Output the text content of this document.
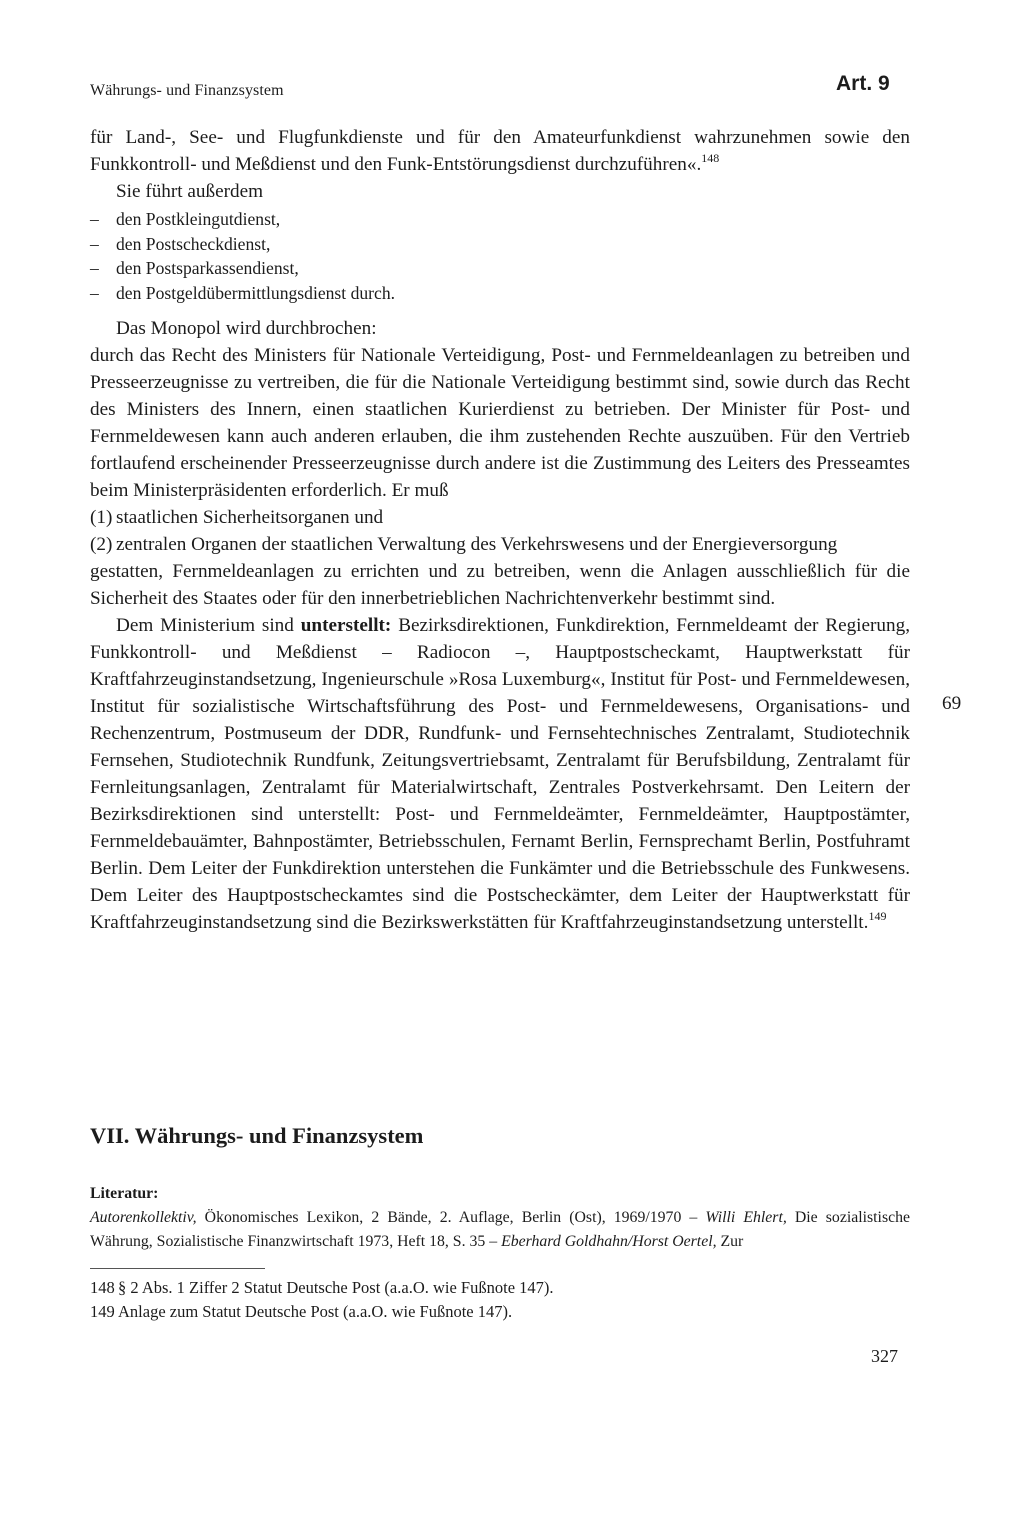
Währungs- und Finanzsystem	Art. 9

für Land-, See- und Flugfunkdienste und für den Amateurfunkdienst wahrzunehmen sowie den Funkkontroll- und Meßdienst und den Funk-Entstörungsdienst durchzuführen«.$^{148}$

Sie führt außerdem

– den Postkleingutdienst,
– den Postscheckdienst,
– den Postsparkassendienst,
– den Postgeldübermittlungsdienst durch.

Das Monopol wird durchbrochen:

durch das Recht des Ministers für Nationale Verteidigung, Post- und Fernmeldeanlagen zu betreiben und Presseerzeugnisse zu vertreiben, die für die Nationale Verteidigung bestimmt sind, sowie durch das Recht des Ministers des Innern, einen staatlichen Kurierdienst zu betrieben. Der Minister für Post- und Fernmeldewesen kann auch anderen erlauben, die ihm zustehenden Rechte auszuüben. Für den Vertrieb fortlaufend erscheinender Presseerzeugnisse durch andere ist die Zustimmung des Leiters des Presseamtes beim Ministerpräsidenten erforderlich. Er muß

(1) staatlichen Sicherheitsorganen und
(2) zentralen Organen der staatlichen Verwaltung des Verkehrswesens und der Energieversorgung

gestatten, Fernmeldeanlagen zu errichten und zu betreiben, wenn die Anlagen ausschließlich für die Sicherheit des Staates oder für den innerbetrieblichen Nachrichtenverkehr bestimmt sind.

Dem Ministerium sind unterstellt: Bezirksdirektionen, Funkdirektion, Fernmeldeamt der Regierung, Funkkontroll- und Meßdienst – Radiocon –, Hauptpostscheckamt, Hauptwerkstatt für Kraftfahrzeuginstandsetzung, Ingenieurschule »Rosa Luxemburg«, Institut für Post- und Fernmeldewesen, Institut für sozialistische Wirtschaftsführung des Post- und Fernmeldewesens, Organisations- und Rechenzentrum, Postmuseum der DDR, Rundfunk- und Fernsehtechnisches Zentralamt, Studiotechnik Fernsehen, Studiotechnik Rundfunk, Zeitungsvertriebsamt, Zentralamt für Berufsbildung, Zentralamt für Fernleitungsanlagen, Zentralamt für Materialwirtschaft, Zentrales Postverkehrsamt. Den Leitern der Bezirksdirektionen sind unterstellt: Post- und Fernmeldeämter, Fernmeldeämter, Hauptpostämter, Fernmeldebauämter, Bahnpostämter, Betriebsschulen, Fernamt Berlin, Fernsprechamt Berlin, Postfuhramt Berlin. Dem Leiter der Funkdirektion unterstehen die Funkämter und die Betriebsschule des Funkwesens. Dem Leiter des Hauptpostscheckamtes sind die Postscheckämter, dem Leiter der Hauptwerkstatt für Kraftfahrzeuginstandsetzung sind die Bezirkswerkstätten für Kraftfahrzeuginstandsetzung unterstellt.$^{149}$

69
VII. Währungs- und Finanzsystem
Literatur:
Autorenkollektiv, Ökonomisches Lexikon, 2 Bände, 2. Auflage, Berlin (Ost), 1969/1970 – Willi Ehlert, Die sozialistische Währung, Sozialistische Finanzwirtschaft 1973, Heft 18, S. 35 – Eberhard Goldhahn/Horst Oertel, Zur
148 § 2 Abs. 1 Ziffer 2 Statut Deutsche Post (a.a.O. wie Fußnote 147).
149 Anlage zum Statut Deutsche Post (a.a.O. wie Fußnote 147).
327
